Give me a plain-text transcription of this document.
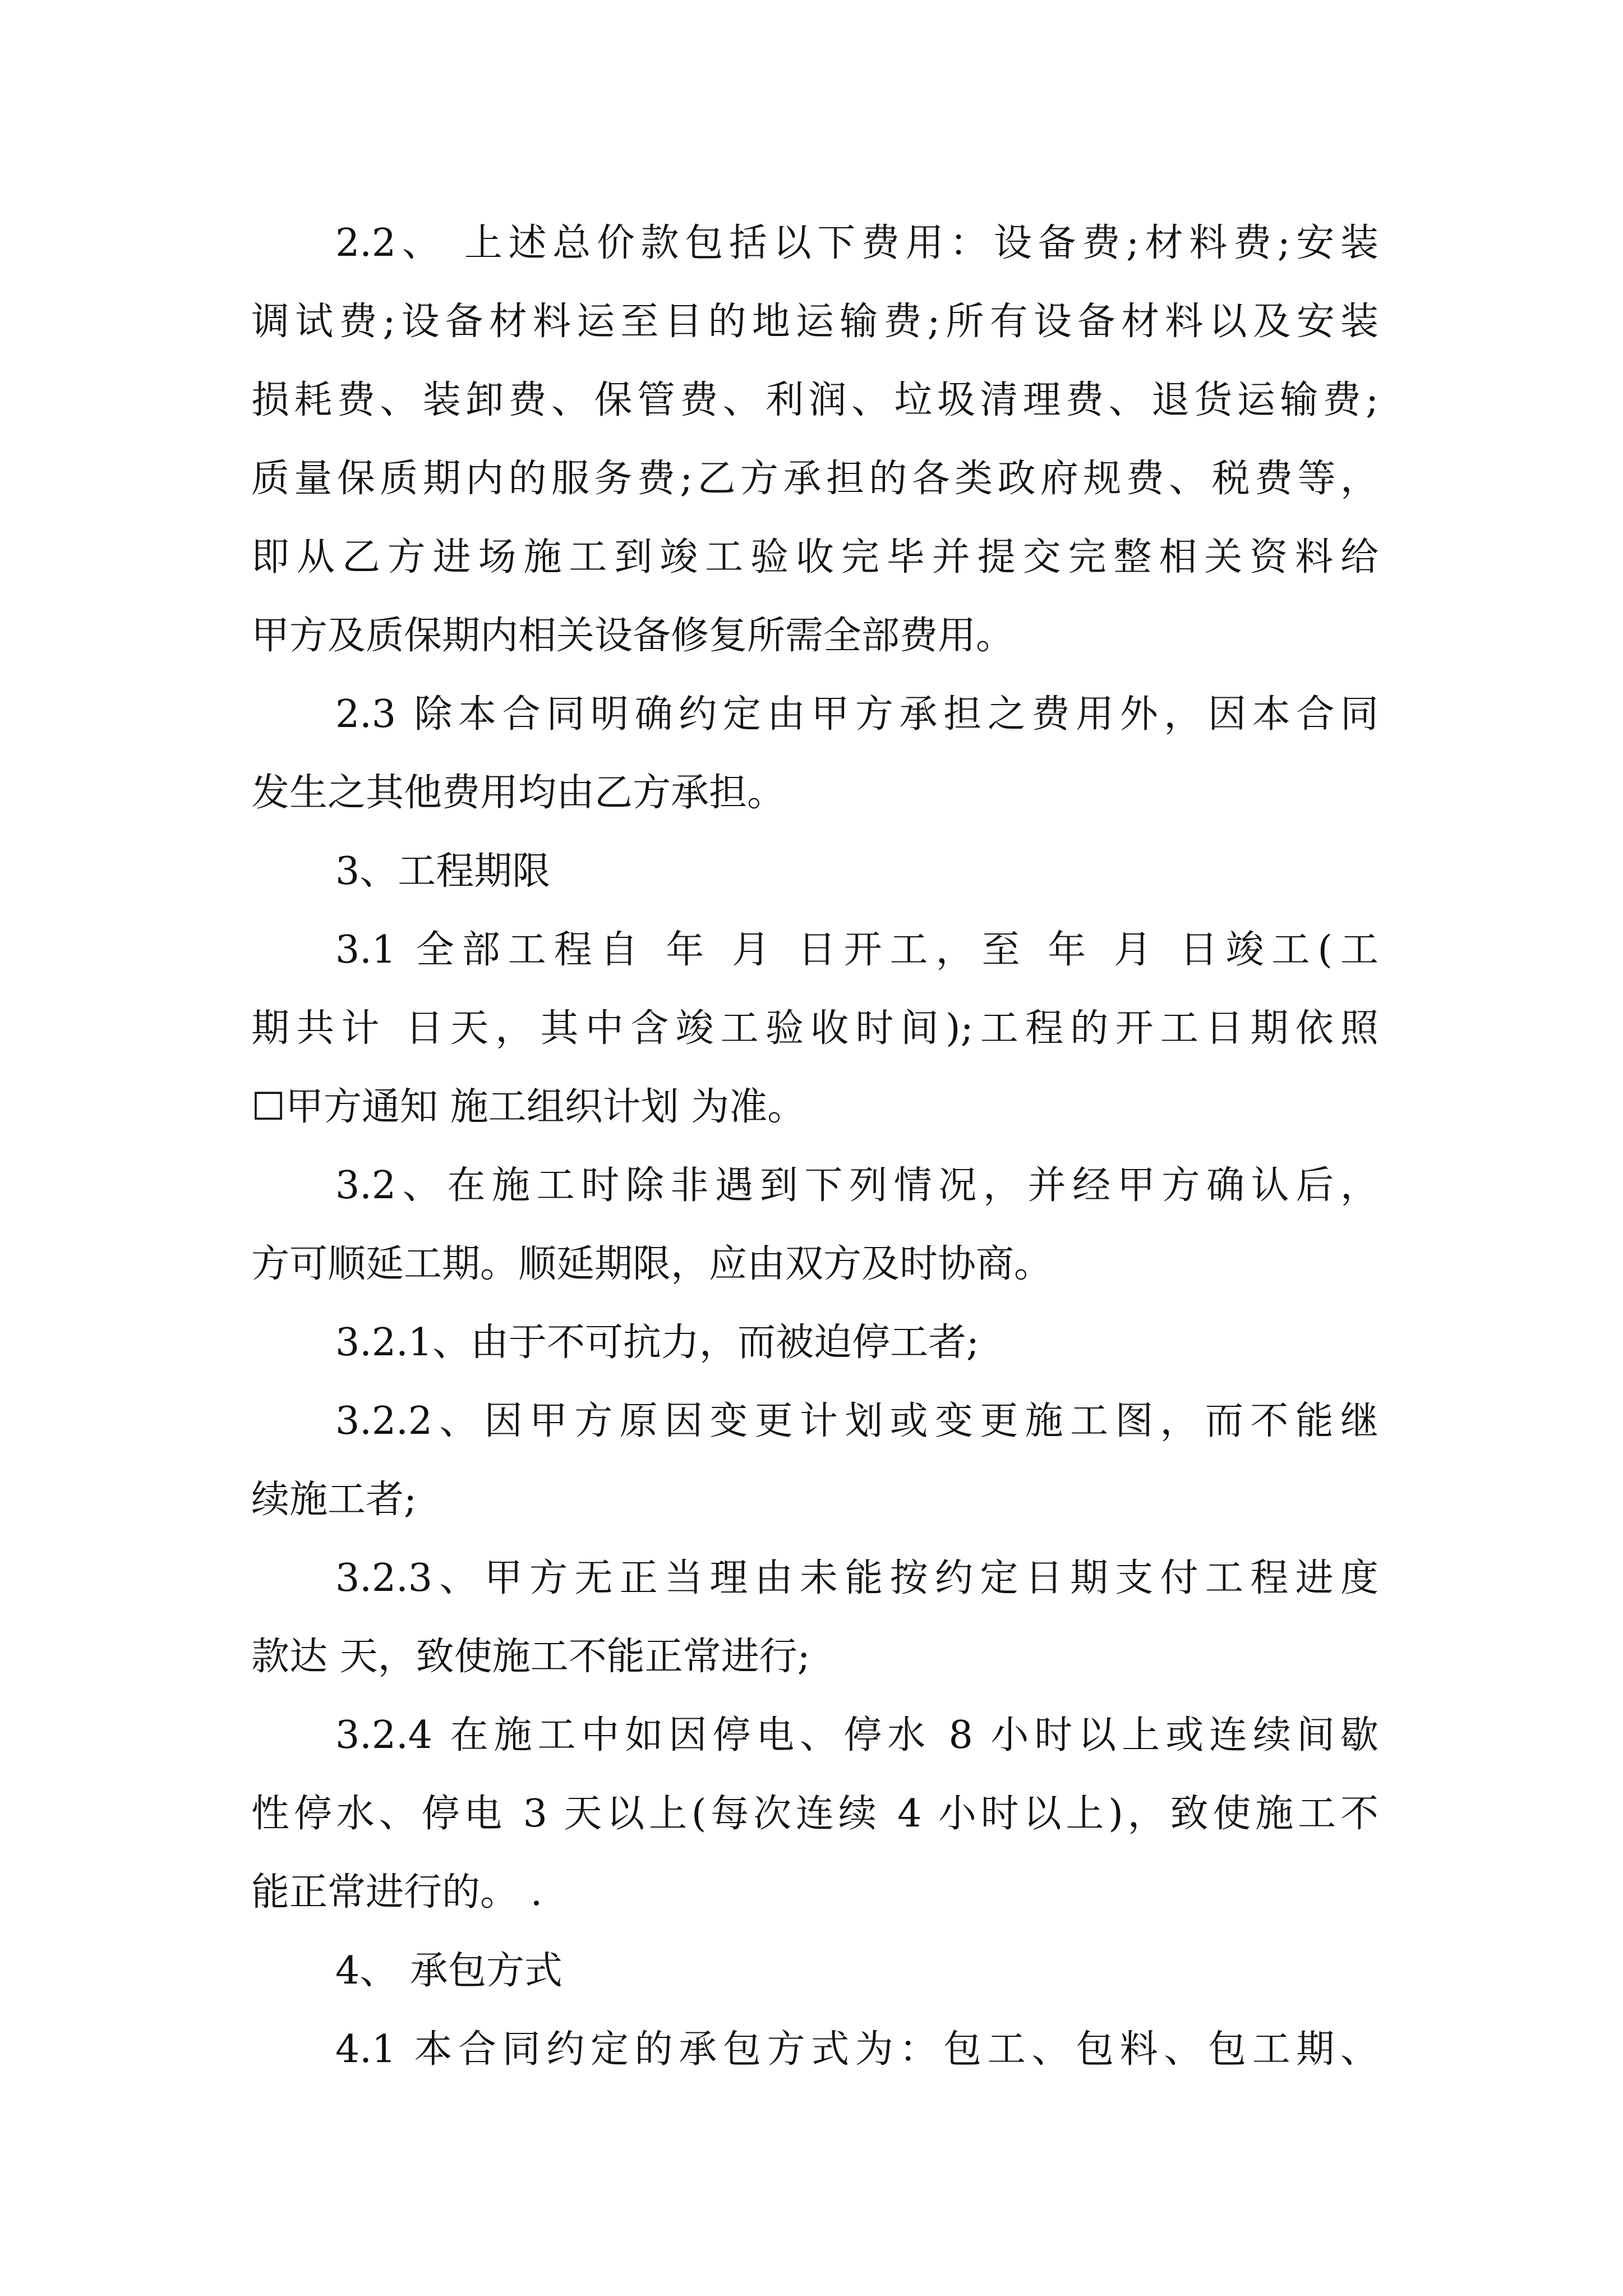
2.2、 上述总价款包括以下费用：设备费;材料费;安装

调试费;设备材料运至目的地运输费;所有设备材料以及安装

损耗费、装卸费、保管费、利润、垃圾清理费、退货运输费;

质量保质期内的服务费;乙方承担的各类政府规费、税费等，

即从乙方进场施工到竣工验收完毕并提交完整相关资料给

甲方及质保期内相关设备修复所需全部费用。

2.3 除本合同明确约定由甲方承担之费用外，因本合同

发生之其他费用均由乙方承担。

3、工程期限

3.1 全部工程自 年 月 日开工，至 年 月 日竣工(工

期共计 日天，其中含竣工验收时间);工程的开工日期依照

☐甲方通知 施工组织计划 为准。

3.2、在施工时除非遇到下列情况，并经甲方确认后，

方可顺延工期。顺延期限，应由双方及时协商。

3.2.1、由于不可抗力，而被迫停工者;

3.2.2、因甲方原因变更计划或变更施工图，而不能继

续施工者;

3.2.3、甲方无正当理由未能按约定日期支付工程进度

款达 天，致使施工不能正常进行;

3.2.4 在施工中如因停电、停水 8 小时以上或连续间歇

性停水、停电 3 天以上(每次连续 4 小时以上)，致使施工不

能正常进行的。 .

4、 承包方式

4.1 本合同约定的承包方式为：包工、包料、包工期、
